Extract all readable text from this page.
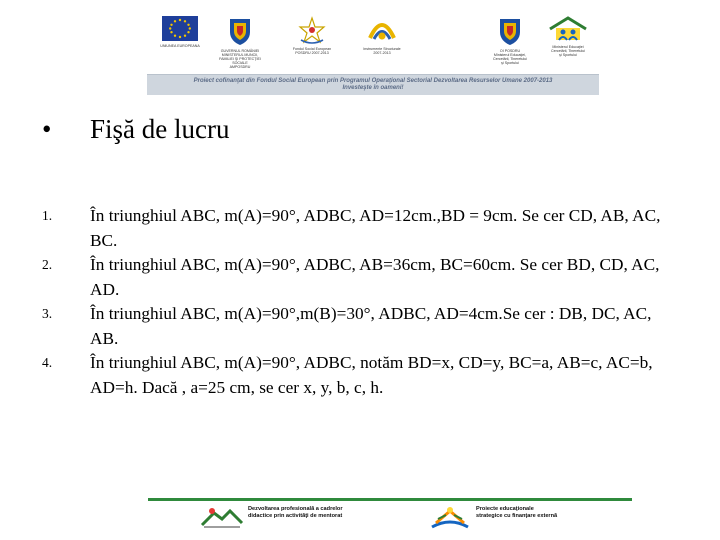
UNIUNEA EUROPEANA
GUVERNUL ROMÂNIEI
MINISTERUL MUNCII,
FAMILIEI ŞI PROTECŢIEI SOCIALE
AMPOSDRU
Fondul Social European
POSDRU 2007-2013
Instrumente Structurale
2007-2013	OI POSDRU
Ministerul Educaţiei,
Cercetării, Tineretului
şi Sportului
Ministerul Educaţiei
Cercetării, Tineretului
şi Sportului
Proiect cofinanţat din Fondul Social European prin Programul Operaţional Sectorial Dezvoltarea Resurselor Umane 2007-2013
Investeşte în oameni!
• Fişă de lucru
1. În triunghiul ABC, m(A)=90°, ADBC, AD=12cm.,BD = 9cm. Se cer CD, AB, AC, BC.
2. În triunghiul ABC, m(A)=90°, ADBC, AB=36cm, BC=60cm. Se cer BD, CD, AC, AD.
3. În triunghiul ABC, m(A)=90°,m(B)=30°, ADBC, AD=4cm.Se cer : DB, DC, AC, AB.
4. În triunghiul ABC, m(A)=90°, ADBC, notăm BD=x, CD=y, BC=a, AB=c, AC=b, AD=h. Dacă , a=25 cm, se cer x, y, b, c, h.
Dezvoltarea profesională a cadrelor
didactice prin activităţi de mentorat
Proiecte educaţionale
strategice cu finanţare externă
